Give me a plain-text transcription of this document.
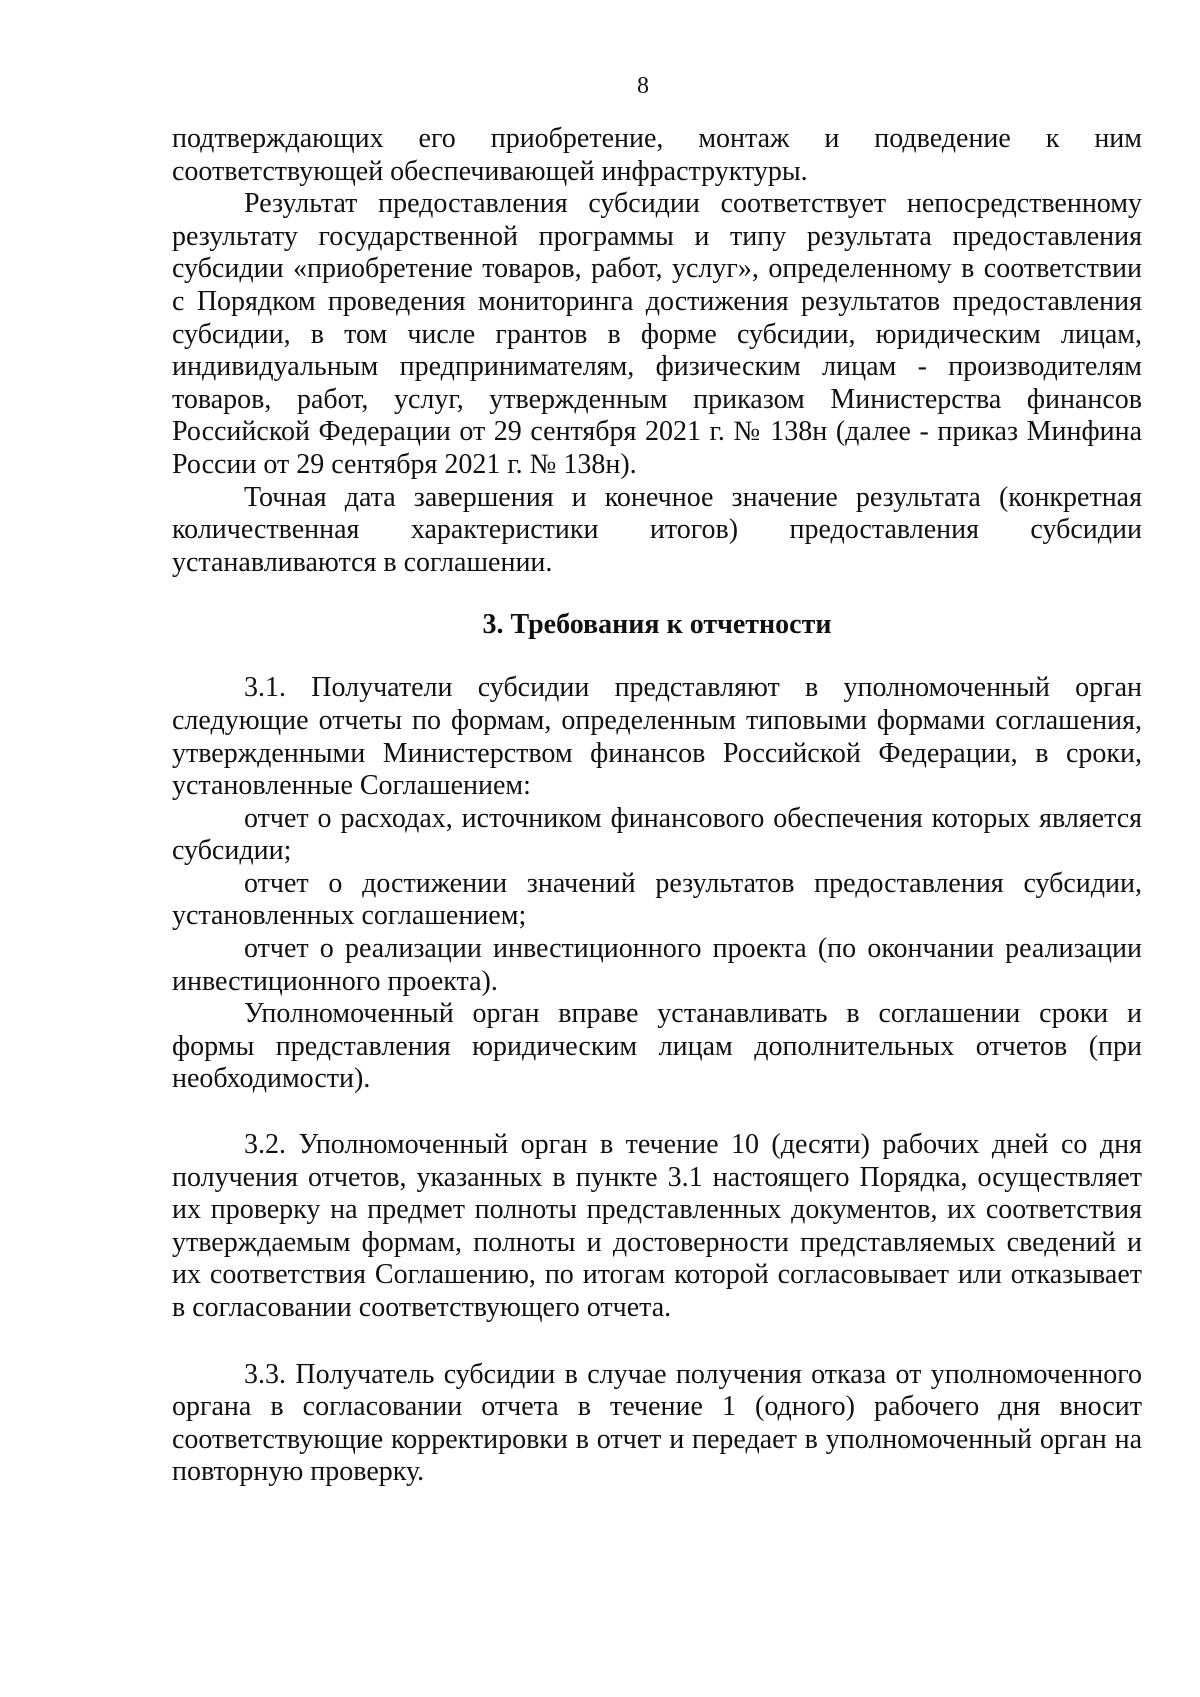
8

подтверждающих его приобретение, монтаж и подведение к ним соответствующей обеспечивающей инфраструктуры.

Результат предоставления субсидии соответствует непосредственному результату государственной программы и типу результата предоставления субсидии «приобретение товаров, работ, услуг», определенному в соответствии с Порядком проведения мониторинга достижения результатов предоставления субсидии, в том числе грантов в форме субсидии, юридическим лицам, индивидуальным предпринимателям, физическим лицам - производителям товаров, работ, услуг, утвержденным приказом Министерства финансов Российской Федерации от 29 сентября 2021 г. № 138н (далее - приказ Минфина России от 29 сентября 2021 г. № 138н).

Точная дата завершения и конечное значение результата (конкретная количественная характеристики итогов) предоставления субсидии устанавливаются в соглашении.

3. Требования к отчетности

3.1. Получатели субсидии представляют в уполномоченный орган следующие отчеты по формам, определенным типовыми формами соглашения, утвержденными Министерством финансов Российской Федерации, в сроки, установленные Соглашением:

отчет о расходах, источником финансового обеспечения которых является субсидии;

отчет о достижении значений результатов предоставления субсидии, установленных соглашением;

отчет о реализации инвестиционного проекта (по окончании реализации инвестиционного проекта).

Уполномоченный орган вправе устанавливать в соглашении сроки и формы представления юридическим лицам дополнительных отчетов (при необходимости).

3.2. Уполномоченный орган в течение 10 (десяти) рабочих дней со дня получения отчетов, указанных в пункте 3.1 настоящего Порядка, осуществляет их проверку на предмет полноты представленных документов, их соответствия утверждаемым формам, полноты и достоверности представляемых сведений и их соответствия Соглашению, по итогам которой согласовывает или отказывает в согласовании соответствующего отчета.

3.3. Получатель субсидии в случае получения отказа от уполномоченного органа в согласовании отчета в течение 1 (одного) рабочего дня вносит соответствующие корректировки в отчет и передает в уполномоченный орган на повторную проверку.
